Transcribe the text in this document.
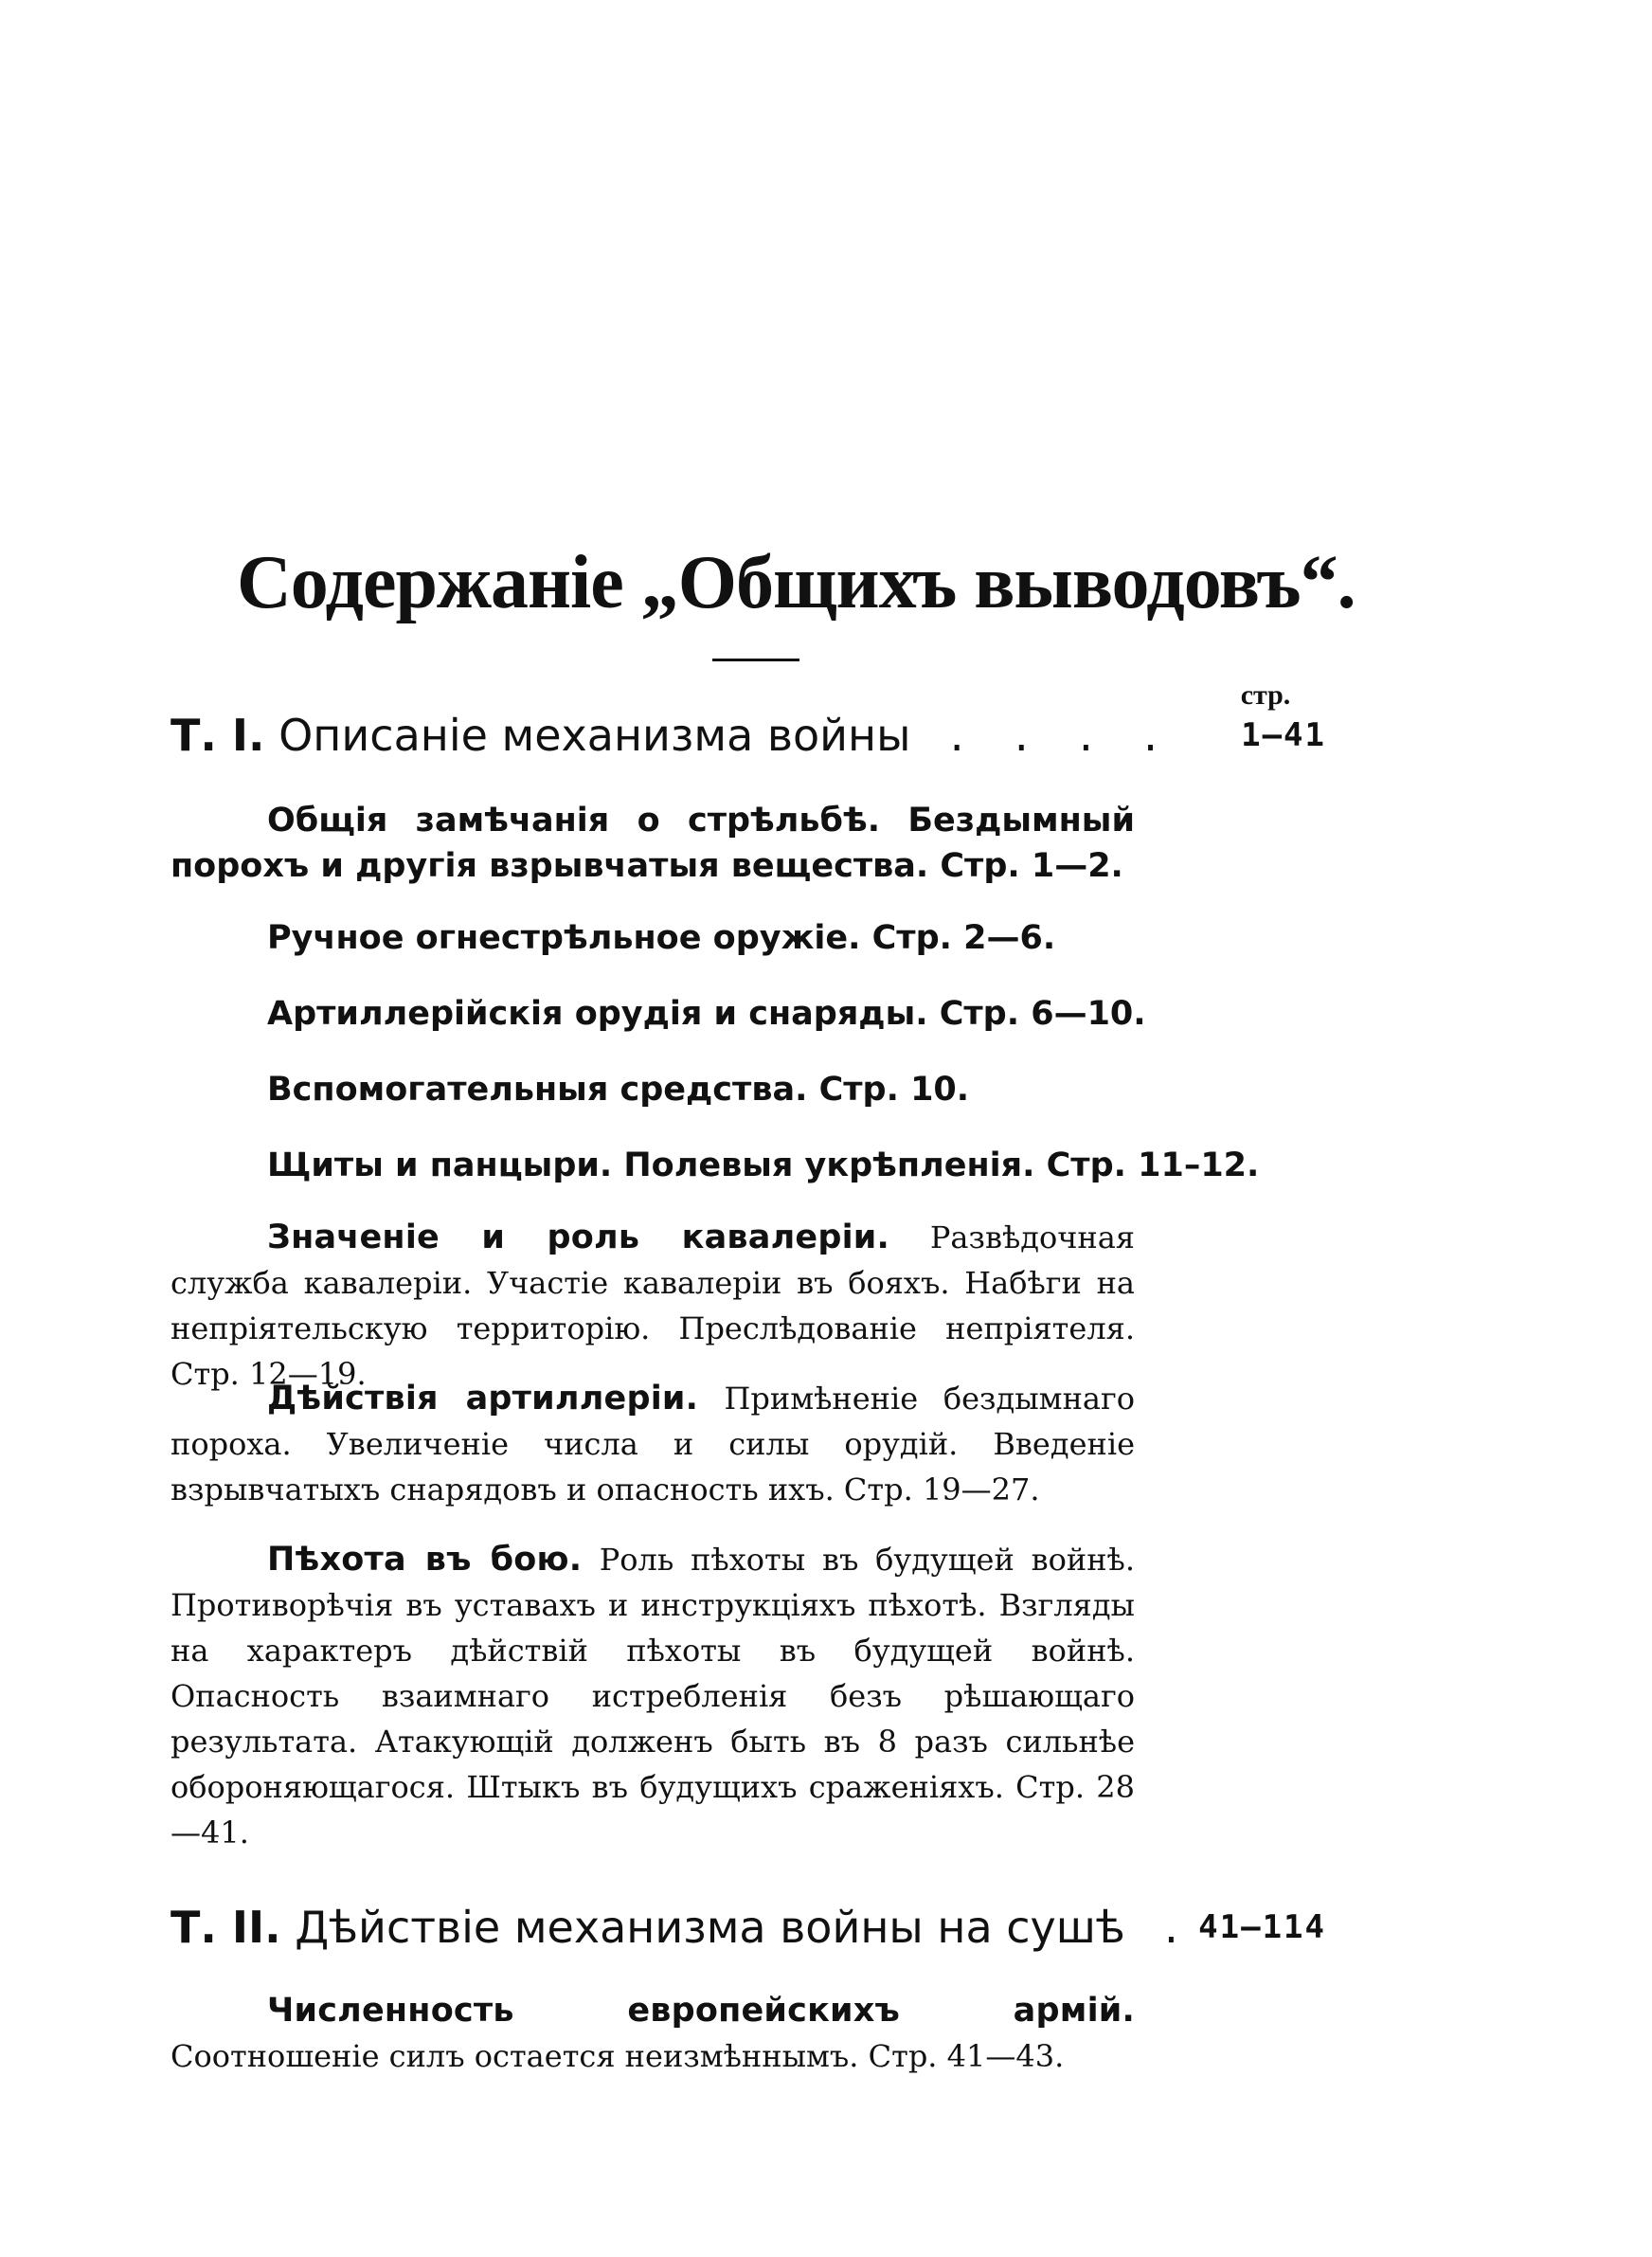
Содержаніе „Общихъ выводовъ“.
стр.
Т. I. Описаніе механизма войны . . . . 1—41
Общія замѣчанія о стрѣльбѣ. Бездымный порохъ и другія взрывчатыя вещества. Стр. 1—2.
Ручное огнестрѣльное оружіе. Стр. 2—6.
Артиллерійскія орудія и снаряды. Стр. 6—10.
Вспомогательныя средства. Стр. 10.
Щиты и панцыри. Полевыя укрѣпленія. Стр. 11–12.
Значеніе и роль кавалеріи. Развѣдочная служба кавалеріи. Участіе кавалеріи въ бояхъ. Набѣги на непріятельскую территорію. Преслѣдованіе непріятеля. Стр. 12—19.
Дѣйствія артиллеріи. Примѣненіе бездымнаго пороха. Увеличеніе числа и силы орудій. Введеніе взрывчатыхъ снарядовъ и опасность ихъ. Стр. 19—27.
Пѣхота въ бою. Роль пѣхоты въ будущей войнѣ. Противорѣчія въ уставахъ и инструкціяхъ пѣхотѣ. Взгляды на характеръ дѣйствій пѣхоты въ будущей войнѣ. Опасность взаимнаго истребленія безъ рѣшающаго результата. Атакующій долженъ быть въ 8 разъ сильнѣе обороняющагося. Штыкъ въ будущихъ сраженіяхъ. Стр. 28—41.
Т. II. Дѣйствіе механизма войны на сушѣ . 41—114
Численность европейскихъ армій. Соотношеніе силъ остается неизмѣннымъ. Стр. 41—43.
